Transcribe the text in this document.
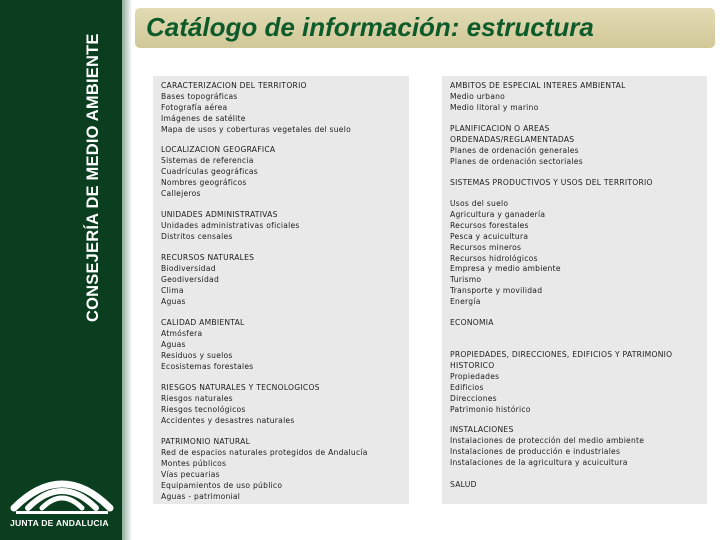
CONSEJERÍA DE MEDIO AMBIENTE
JUNTA DE ANDALUCIA
Catálogo de información: estructura
CARACTERIZACION DEL TERRITORIO
Bases topográficas
Fotografía aérea
Imágenes de satélite
Mapa de usos y coberturas vegetales del suelo
LOCALIZACION GEOGRAFICA
Sistemas de referencia
Cuadrículas geográficas
Nombres geográficos
Callejeros
UNIDADES ADMINISTRATIVAS
Unidades administrativas oficiales
Distritos censales
RECURSOS NATURALES
Biodiversidad
Geodiversidad
Clima
Aguas
CALIDAD AMBIENTAL
Atmósfera
Aguas
Residuos y suelos
Ecosistemas forestales
RIESGOS NATURALES Y TECNOLOGICOS
Riesgos naturales
Riesgos tecnológicos
Accidentes y desastres naturales
PATRIMONIO NATURAL
Red de espacios naturales protegidos de Andalucía
Montes públicos
Vías pecuarias
Equipamientos de uso público
Aguas - patrimonial
AMBITOS DE ESPECIAL INTERES AMBIENTAL
Medio urbano
Medio litoral y marino
PLANIFICACION O AREAS
ORDENADAS/REGLAMENTADAS
Planes de ordenación generales
Planes de ordenación sectoriales
SISTEMAS PRODUCTIVOS Y USOS DEL TERRITORIO
Usos del suelo
Agricultura y ganadería
Recursos forestales
Pesca y acuicultura
Recursos mineros
Recursos hidrológicos
Empresa y medio ambiente
Turismo
Transporte y movilidad
Energía
ECONOMIA
PROPIEDADES, DIRECCIONES, EDIFICIOS Y PATRIMONIO
HISTORICO
Propiedades
Edificios
Direcciones
Patrimonio histórico
INSTALACIONES
Instalaciones de protección del medio ambiente
Instalaciones de producción e industriales
Instalaciones de la agricultura y acuicultura
SALUD
